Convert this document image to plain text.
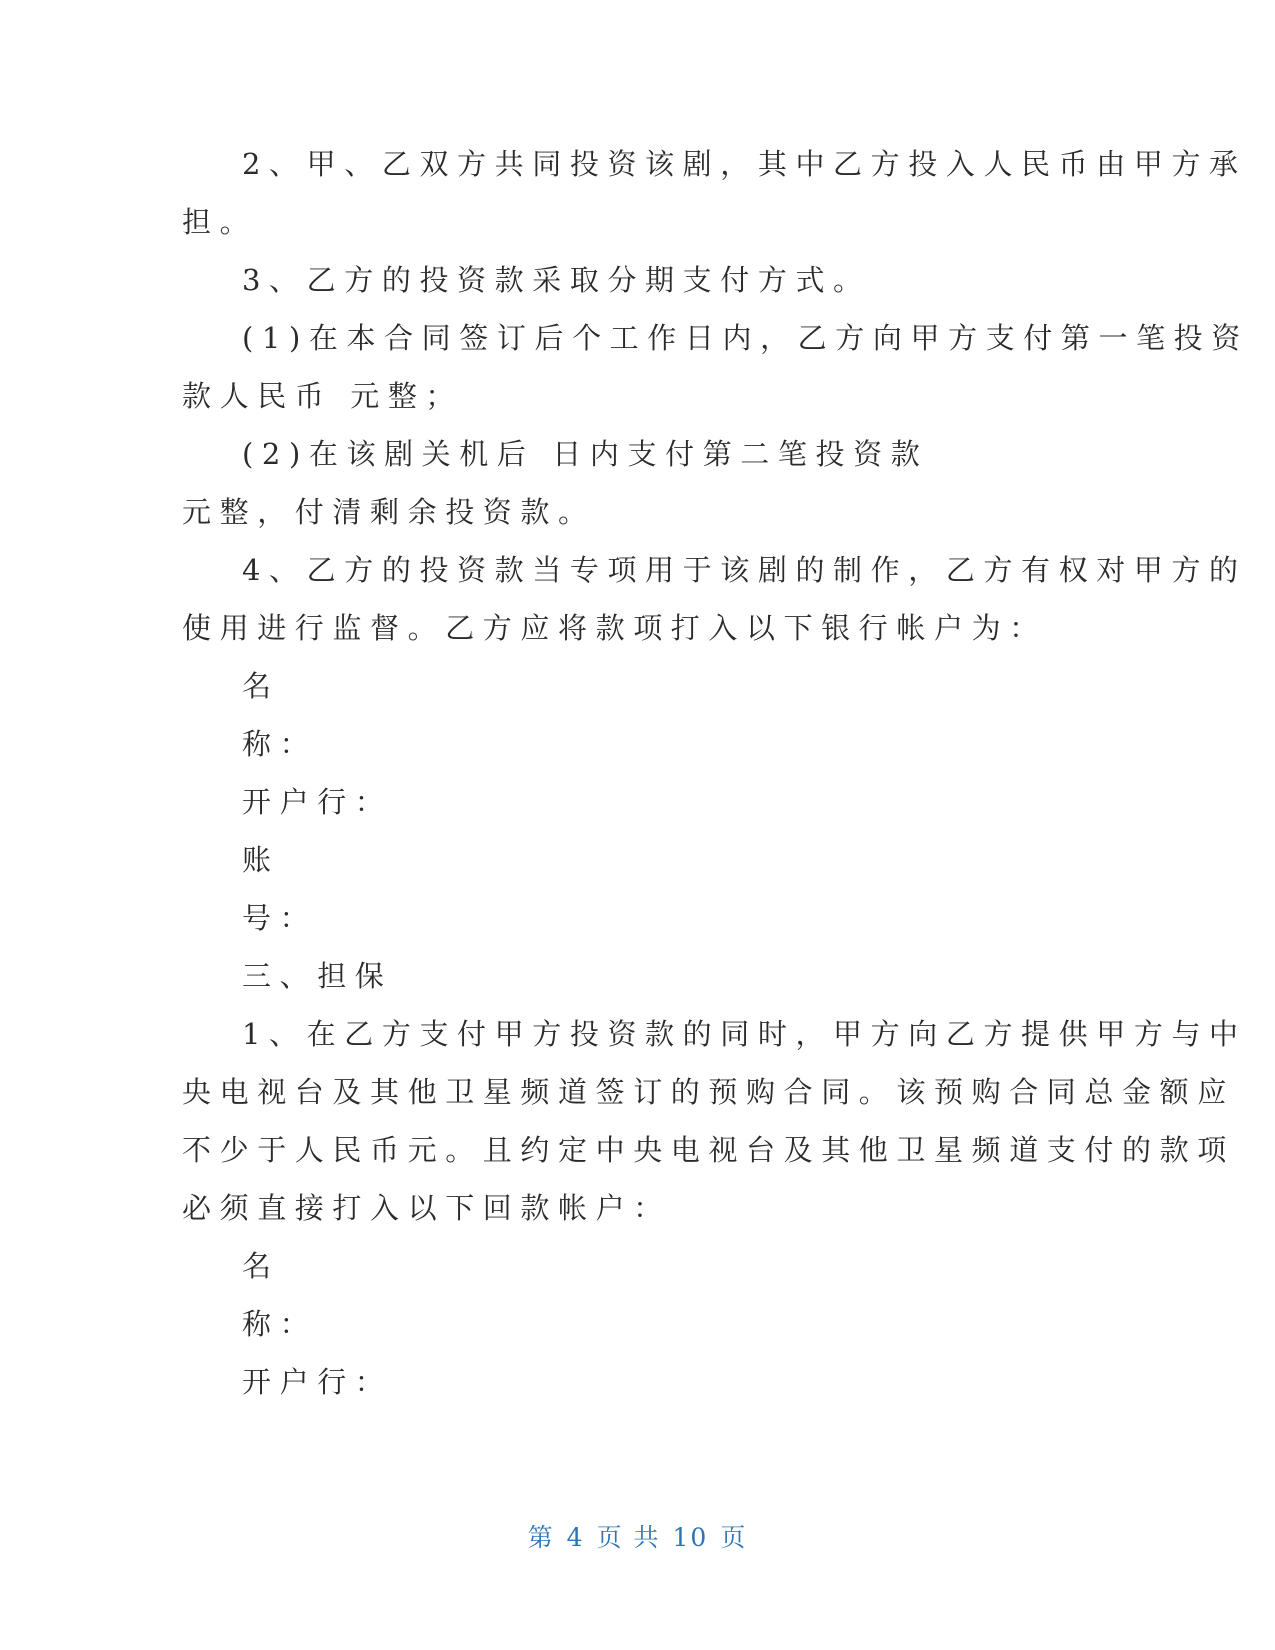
2、甲、乙双方共同投资该剧，其中乙方投入人民币由甲方承
担。
3、乙方的投资款采取分期支付方式。
(1)在本合同签订后个工作日内，乙方向甲方支付第一笔投资
款人民币 元整；
(2)在该剧关机后 日内支付第二笔投资款
元整，付清剩余投资款。
4、乙方的投资款当专项用于该剧的制作，乙方有权对甲方的
使用进行监督。乙方应将款项打入以下银行帐户为：
名
称：
开户行：
账
号：
三、担保
1、在乙方支付甲方投资款的同时，甲方向乙方提供甲方与中
央电视台及其他卫星频道签订的预购合同。该预购合同总金额应
不少于人民币元。且约定中央电视台及其他卫星频道支付的款项
必须直接打入以下回款帐户：
名
称：
开户行：
第 4 页 共 10 页
